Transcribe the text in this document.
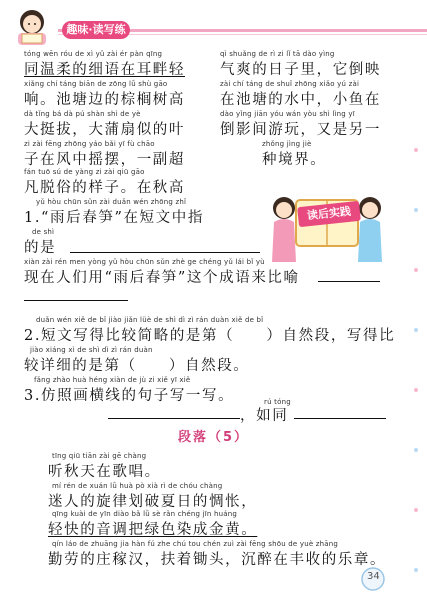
趣味·读写练
tóng wēn róu de xì yǔ zài ér pàn qīng
同温柔的细语在耳畔轻
qì shuǎng de rì zi lǐ tā dào yìng
气爽的日子里，它倒映
xiǎng chí táng biān de zōng lǘ shù gāo
响。池塘边的棕榈树高
zài chí táng de shuǐ zhōng xiǎo yú zài
在池塘的水中，小鱼在
dà tǐng bá dà pú shàn shì de yè
大挺拔，大蒲扇似的叶
dào yǐng jiān yóu wán yòu shì lìng yī
倒影间游玩，又是另一
zi zài fēng zhōng yáo bǎi yī fù chāo
子在风中摇摆，一副超
zhǒng jìng jiè
种境界。
fán tuō sú de yàng zi zài qiū gāo
凡脱俗的样子。在秋高
读后实践
yǔ hòu chūn sǔn zài duǎn wén zhōng zhǐ
1.“雨后春笋”在短文中指
de shì
的是
xiàn zài rén men yòng yǔ hòu chūn sǔn zhè ge chéng yǔ lái bǐ yù
现在人们用“雨后春笋”这个成语来比喻
duǎn wén xiě de bǐ jiào jiǎn lüè de shì dì zì rán duàn xiě de bǐ
2.短文写得比较简略的是第（　　）自然段，写得比
jiào xiáng xì de shì dì zì rán duàn
较详细的是第（　　）自然段。
fǎng zhào huà héng xiàn de jù zi xiě yī xiě
3.仿照画横线的句子写一写。	rú tóng
，如同
段落（5）
tīng qiū tiān zài gē chàng
听秋天在歌唱。
mí rén de xuán lǜ huà pò xià rì de chóu chàng
迷人的旋律划破夏日的惆怅，
qīng kuài de yīn diào bǎ lǜ sè rǎn chéng jīn huáng
轻快的音调把绿色染成金黄。
qín láo de zhuāng jia hàn fú zhe chú tou chén zuì zài fēng shōu de yuè zhāng
勤劳的庄稼汉，扶着锄头，沉醉在丰收的乐章。
34
